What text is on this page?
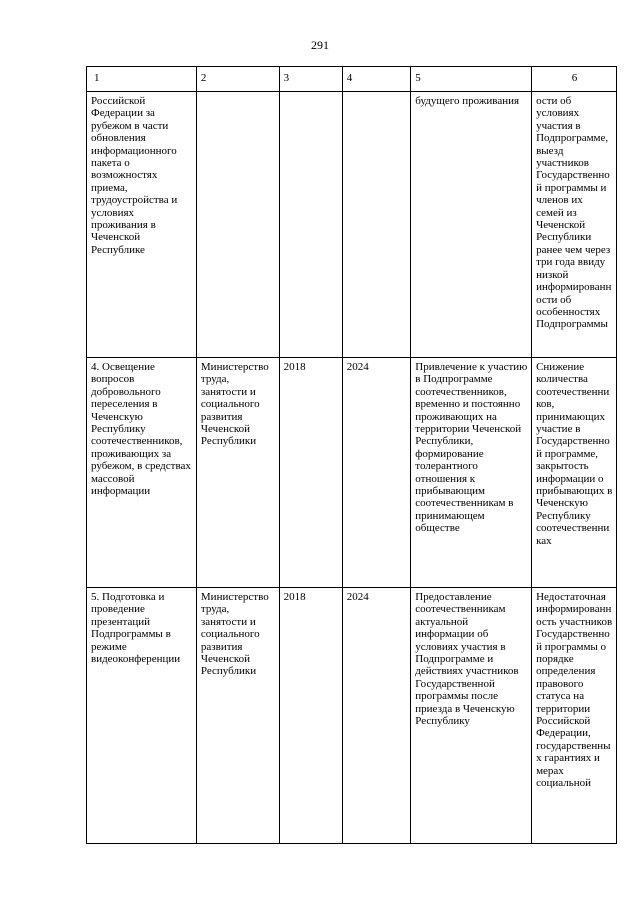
291
1	2	3	4	5	6
Российской Федерации за рубежом в части обновления информационного пакета о возможностях приема, трудоустройства и условиях проживания в Чеченской Республике				будущего проживания	ости об условиях участия в Подпрограмме, выезд участников Государственной программы и членов их семей из Чеченской Республики ранее чем через три года ввиду низкой информированности об особенностях Подпрограммы
4. Освещение вопросов добровольного переселения в Чеченскую Республику соотечественников, проживающих за рубежом, в средствах массовой информации	Министерство труда, занятости и социального развития Чеченской Республики	2018	2024	Привлечение к участию в Подпрограмме соотечественников, временно и постоянно проживающих на территории Чеченской Республики, формирование толерантного отношения к прибывающим соотечественникам в принимающем обществе	Снижение количества соотечественников, принимающих участие в Государственной программе, закрытость информации о прибывающих в Чеченскую Республику соотечественниках
5. Подготовка и проведение презентаций Подпрограммы в режиме видеоконференции	Министерство труда, занятости и социального развития Чеченской Республики	2018	2024	Предоставление соотечественникам актуальной информации об условиях участия в Подпрограмме и действиях участников Государственной программы после приезда в Чеченскую Республику	Недостаточная информированность участников Государственной программы о порядке определения правового статуса на территории Российской Федерации, государственных гарантиях и мерах социальной
